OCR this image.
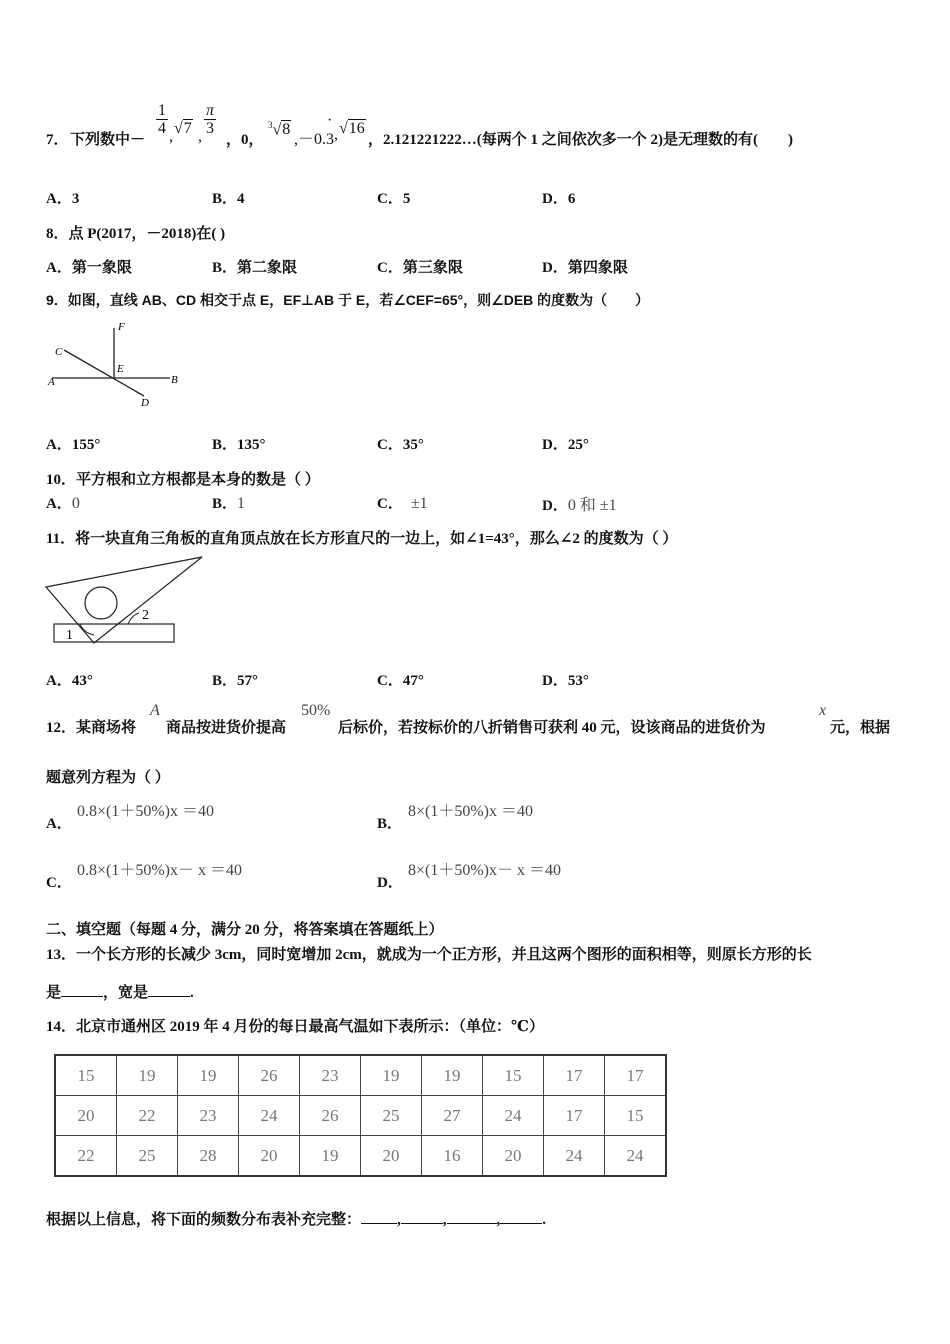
7． 下列数中－
$\frac{1}{4}$ , √7 , $\frac{\pi}{3}$
，0，
$^3$√8
,－0.3
·
, √16
，2.121221222…(每两个 1 之间依次多一个 2)是无理数的有(　　)
A．3	B．4	C．5	D．6
8．点 P(2017，－2018)在( )
A．第一象限	B．第二象限	C．第三象限	D．第四象限
9．如图，直线 AB、CD 相交于点 E，EF⊥AB 于 E，若∠CEF=65°，则∠DEB 的度数为（　　）
F
C
E
A	B
D
A．155°	B．135°	C．35°	D．25°
10．平方根和立方根都是本身的数是（ ）
A．0	B．1	C． ±1	D．0 和 ±1
11．将一块直角三角板的直角顶点放在长方形直尺的一边上，如∠1=43°，那么∠2 的度数为（ ）
2
1
A．43°	B．57°	C．47°	D．53°
12．某商场将
A
商品按进货价提高
50%
后标价，若按标价的八折销售可获利 40 元，设该商品的进货价为
x
元，根据
题意列方程为（ ）
A．
0.8×(1＋50%)x ＝40
B．
8×(1＋50%)x ＝40
C．
0.8×(1＋50%)x－ x ＝40
D．
8×(1＋50%)x－ x ＝40
二、填空题（每题 4 分，满分 20 分，将答案填在答题纸上）
13．一个长方形的长减少 3cm，同时宽增加 2cm，就成为一个正方形，并且这两个图形的面积相等，则原长方形的长
是	，宽是	.
14．北京市通州区 2019 年 4 月份的每日最高气温如下表所示：（单位：℃）
15	19	19	26	23	19	19	15	17	17
20	22	23	24	26	25	27	24	17	15
22	25	28	20	19	20	16	20	24	24
根据以上信息，将下面的频数分布表补充完整： ,	,	,	.
